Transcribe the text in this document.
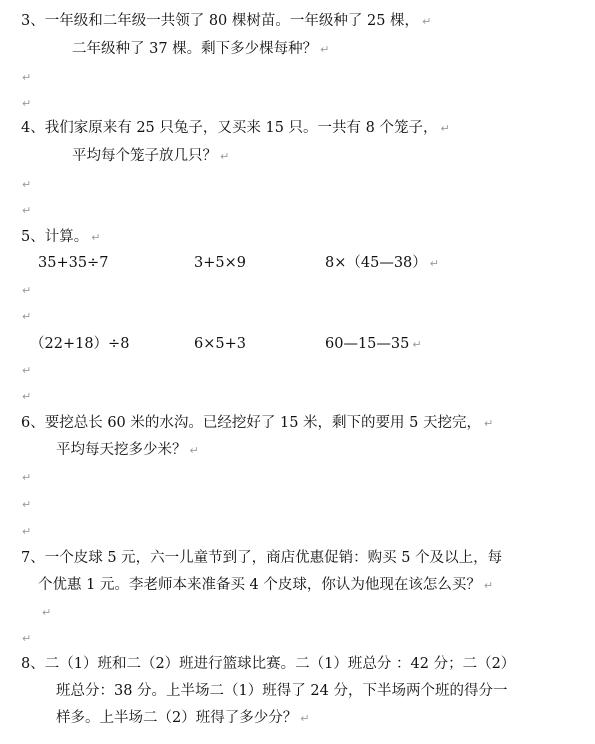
3、一年级和二年级一共领了 80 棵树苗。一年级种了 25 棵， ↵
二年级种了 37 棵。剩下多少棵每种？ ↵
↵
↵
4、我们家原来有 25 只兔子，又买来 15 只。一共有 8 个笼子， ↵
平均每个笼子放几只？ ↵
↵
↵
5、计算。 ↵
35+35÷7	3+5×9	8×（45—38） ↵
↵
↵
（22+18）÷8	6×5+3	60—15—35 ↵
↵
↵
6、要挖总长 60 米的水沟。已经挖好了 15 米，剩下的要用 5 天挖完， ↵
平均每天挖多少米？ ↵
↵
↵
↵
7、一个皮球 5 元，六一儿童节到了，商店优惠促销：购买 5 个及以上，每
个优惠 1 元。李老师本来准备买 4 个皮球，你认为他现在该怎么买？ ↵
↵
↵
8、二（1）班和二（2）班进行篮球比赛。二（1）班总分 ：42 分；二（2）
班总分：38 分。上半场二（1）班得了 24 分，下半场两个班的得分一
样多。上半场二（2）班得了多少分？ ↵
